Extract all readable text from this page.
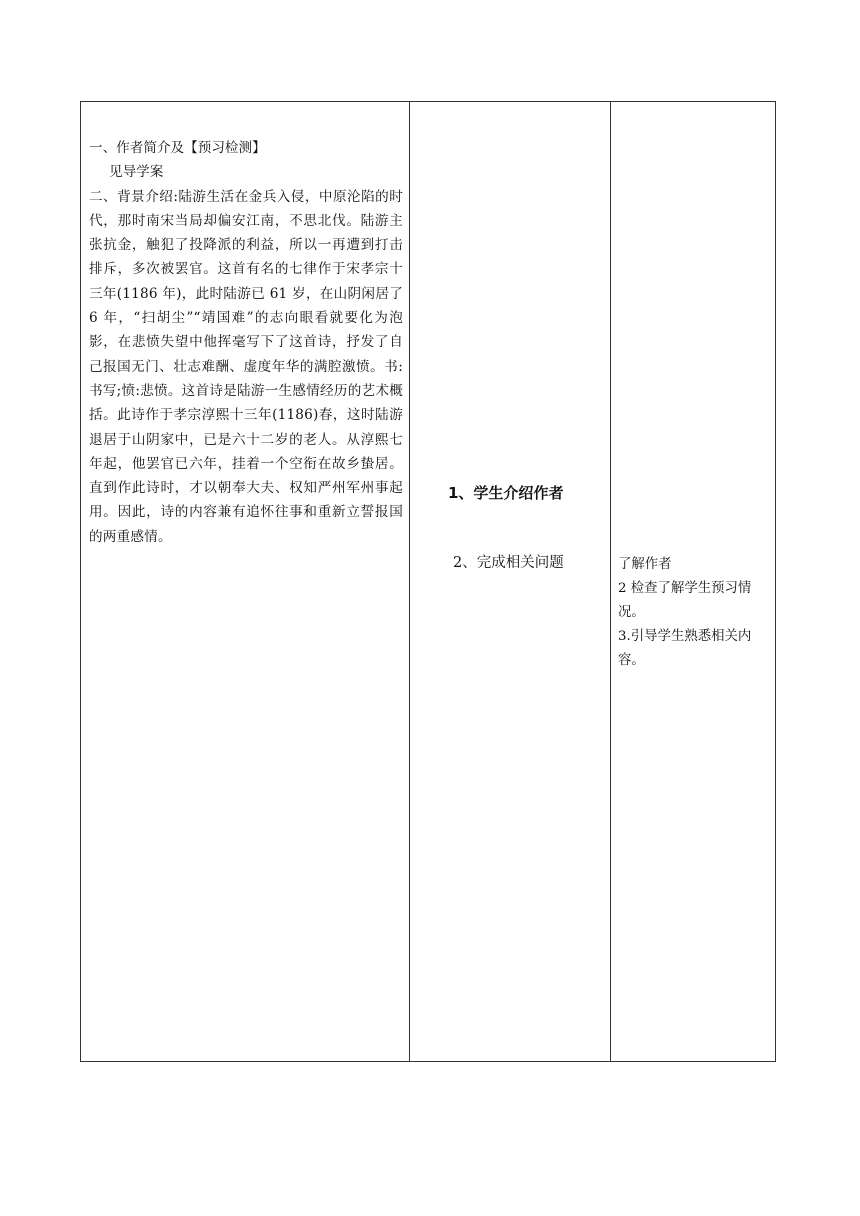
一、作者简介及【预习检测】

见导学案

二、背景介绍:陆游生活在金兵入侵，中原沦陷的时代，那时南宋当局却偏安江南，不思北伐。陆游主张抗金，触犯了投降派的利益，所以一再遭到打击排斥，多次被罢官。这首有名的七律作于宋孝宗十三年(1186 年)，此时陆游已 61 岁，在山阴闲居了 6 年，“扫胡尘”“靖国难”的志向眼看就要化为泡影，在悲愤失望中他挥毫写下了这首诗，抒发了自己报国无门、壮志难酬、虚度年华的满腔激愤。书:书写;愤:悲愤。这首诗是陆游一生感情经历的艺术概括。此诗作于孝宗淳熙十三年(1186)春，这时陆游退居于山阴家中，已是六十二岁的老人。从淳熙七年起，他罢官已六年，挂着一个空衔在故乡蛰居。直到作此诗时，才以朝奉大夫、权知严州军州事起用。因此，诗的内容兼有追怀往事和重新立誓报国的两重感情。

1、学生介绍作者
2、完成相关问题	了解作者

2 检查了解学生预习情况。

3.引导学生熟悉相关内容。
